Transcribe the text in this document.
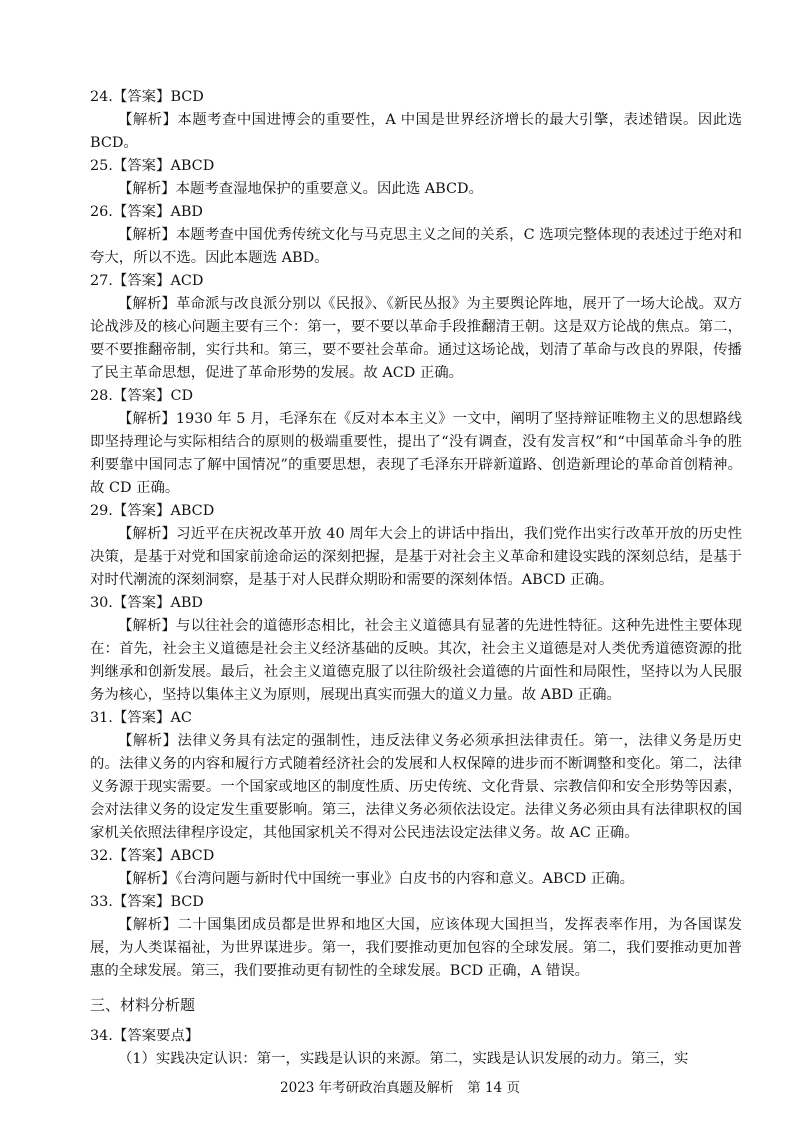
24.【答案】BCD

【解析】本题考查中国进博会的重要性，A 中国是世界经济增长的最大引擎，表述错误。因此选 BCD。

25.【答案】ABCD

【解析】本题考查湿地保护的重要意义。因此选 ABCD。

26.【答案】ABD

【解析】本题考查中国优秀传统文化与马克思主义之间的关系，C 选项完整体现的表述过于绝对和夸大，所以不选。因此本题选 ABD。

27.【答案】ACD

【解析】革命派与改良派分别以《民报》、《新民丛报》为主要舆论阵地，展开了一场大论战。双方论战涉及的核心问题主要有三个：第一，要不要以革命手段推翻清王朝。这是双方论战的焦点。第二，要不要推翻帝制，实行共和。第三，要不要社会革命。通过这场论战，划清了革命与改良的界限，传播了民主革命思想，促进了革命形势的发展。故 ACD 正确。

28.【答案】CD

【解析】1930 年 5 月，毛泽东在《反对本本主义》一文中，阐明了坚持辩证唯物主义的思想路线即坚持理论与实际相结合的原则的极端重要性，提出了“没有调查，没有发言权”和“中国革命斗争的胜利要靠中国同志了解中国情况”的重要思想，表现了毛泽东开辟新道路、创造新理论的革命首创精神。故 CD 正确。

29.【答案】ABCD

【解析】习近平在庆祝改革开放 40 周年大会上的讲话中指出，我们党作出实行改革开放的历史性决策，是基于对党和国家前途命运的深刻把握，是基于对社会主义革命和建设实践的深刻总结，是基于对时代潮流的深刻洞察，是基于对人民群众期盼和需要的深刻体悟。ABCD 正确。

30.【答案】ABD

【解析】与以往社会的道德形态相比，社会主义道德具有显著的先进性特征。这种先进性主要体现在：首先，社会主义道德是社会主义经济基础的反映。其次，社会主义道德是对人类优秀道德资源的批判继承和创新发展。最后，社会主义道德克服了以往阶级社会道德的片面性和局限性，坚持以为人民服务为核心，坚持以集体主义为原则，展现出真实而强大的道义力量。故 ABD 正确。

31.【答案】AC

【解析】法律义务具有法定的强制性，违反法律义务必须承担法律责任。第一，法律义务是历史的。法律义务的内容和履行方式随着经济社会的发展和人权保障的进步而不断调整和变化。第二，法律义务源于现实需要。一个国家或地区的制度性质、历史传统、文化背景、宗教信仰和安全形势等因素，会对法律义务的设定发生重要影响。第三，法律义务必须依法设定。法律义务必须由具有法律职权的国家机关依照法律程序设定，其他国家机关不得对公民违法设定法律义务。故 AC 正确。

32.【答案】ABCD

【解析】《台湾问题与新时代中国统一事业》白皮书的内容和意义。ABCD 正确。

33.【答案】BCD

【解析】二十国集团成员都是世界和地区大国，应该体现大国担当，发挥表率作用，为各国谋发展，为人类谋福祉，为世界谋进步。第一，我们要推动更加包容的全球发展。第二，我们要推动更加普惠的全球发展。第三，我们要推动更有韧性的全球发展。BCD 正确，A 错误。

三、材料分析题

34.【答案要点】

（1）实践决定认识：第一，实践是认识的来源。第二，实践是认识发展的动力。第三，实

2023 年考研政治真题及解析　第 14 页
